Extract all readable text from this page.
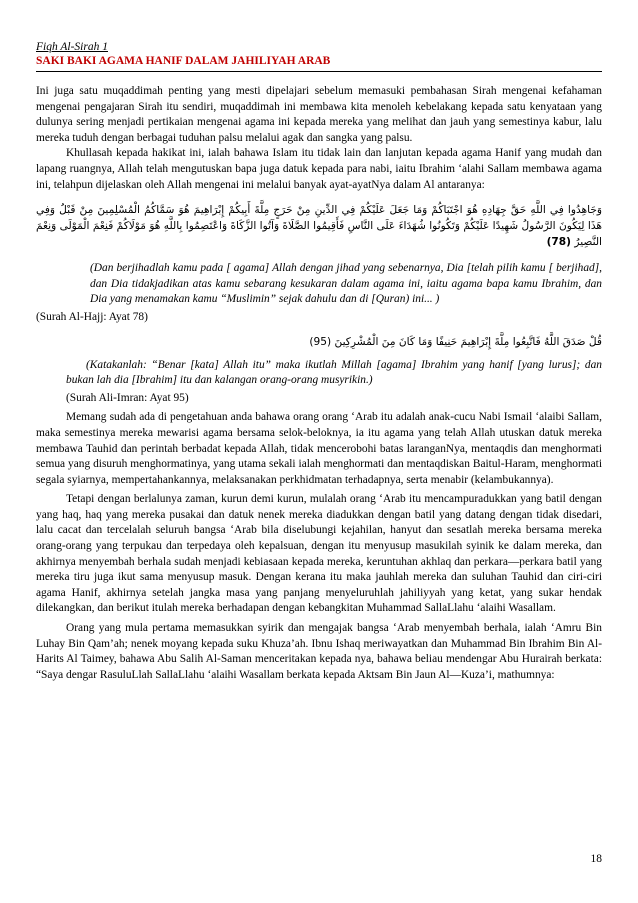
Fiqh Al-Sirah 1
SAKI BAKI AGAMA HANIF DALAM JAHILIYAH ARAB

Ini juga satu muqaddimah penting yang mesti dipelajari sebelum memasuki pembahasan Sirah mengenai kefahaman mengenai pengajaran Sirah itu sendiri, muqaddimah ini membawa kita menoleh kebelakang kepada satu kenyataan yang dulunya sering menjadi pertikaian mengenai agama ini kepada mereka yang melihat dan jauh yang semestinya kabur, lalu mereka tuduh dengan berbagai tuduhan palsu melalui agak dan sangka yang palsu.

Khullasah kepada hakikat ini, ialah bahawa Islam itu tidak lain dan lanjutan kepada agama Hanif yang mudah dan lapang ruangnya, Allah telah mengutuskan bapa juga datuk kepada para nabi, iaitu Ibrahim ‘alahi Sallam membawa agama ini, telahpun dijelaskan oleh Allah mengenai ini melalui banyak ayat-ayatNya dalam Al antaranya:

وَجَاهِدُوا فِي اللَّهِ حَقَّ جِهَادِهِ هُوَ اجْتَبَاكُمْ وَمَا جَعَلَ عَلَيْكُمْ فِي الدِّينِ مِنْ حَرَجٍ مِلَّةَ أَبِيكُمْ إِبْرَاهِيمَ هُوَ سَمَّاكُمُ الْمُسْلِمِينَ مِنْ قَبْلُ وَفِي هَذَا لِيَكُونَ الرَّسُولُ شَهِيدًا عَلَيْكُمْ وَتَكُونُوا شُهَدَاءَ عَلَى النَّاسِ فَأَقِيمُوا الصَّلَاةَ وَآتُوا الزَّكَاةَ وَاعْتَصِمُوا بِاللَّهِ هُوَ مَوْلَاكُمْ فَنِعْمَ الْمَوْلَى وَنِعْمَ النَّصِيرُ (78)

(Dan berjihadlah kamu pada [ agama] Allah dengan jihad yang sebenarnya, Dia [telah pilih kamu [ berjihad], dan Dia tidakjadikan atas kamu sebarang kesukaran dalam agama ini, iaitu agama bapa kamu Ibrahim, dan Dia yang menamakan kamu “Muslimin” sejak dahulu dan di [Quran) ini... )

(Surah Al-Hajj: Ayat 78)

قُلْ صَدَقَ اللَّهُ فَاتَّبِعُوا مِلَّةَ إِبْرَاهِيمَ حَنِيفًا وَمَا كَانَ مِنَ الْمُشْرِكِينَ (95)

(Katakanlah: “Benar [kata] Allah itu” maka ikutlah Millah [agama] Ibrahim yang hanif [yang lurus]; dan bukan lah dia [Ibrahim] itu dan kalangan orang-orang musyrikin.)

(Surah Ali-Imran: Ayat 95)

Memang sudah ada di pengetahuan anda bahawa orang orang ‘Arab itu adalah anak-cucu Nabi Ismail ‘alaibi Sallam, maka semestinya mereka mewarisi agama bersama selok-beloknya, ia itu agama yang telah Allah utuskan datuk mereka membawa Tauhid dan perintah berbadat kepada Allah, tidak mencerobohi batas laranganNya, mentaqdis dan menghormati semua yang disuruh menghormatinya, yang utama sekali ialah menghormati dan mentaqdiskan Baitul-Haram, menghormati segala syiarnya, mempertahankannya, melaksanakan perkhidmatan terhadapnya, serta menabir (kelambukannya).

Tetapi dengan berlalunya zaman, kurun demi kurun, mulalah orang ‘Arab itu mencampuradukkan yang batil dengan yang haq, haq yang mereka pusakai dan datuk nenek mereka diadukkan dengan batil yang datang dengan tidak disedari, lalu cacat dan tercelalah seluruh bangsa ‘Arab bila diselubungi kejahilan, hanyut dan sesatlah mereka bersama mereka orang-orang yang terpukau dan terpedaya oleh kepalsuan, dengan itu menyusup masukilah syinik ke dalam mereka, dan akhirnya menyembah berhala sudah menjadi kebiasaan kepada mereka, keruntuhan akhlaq dan perkara—perkara batil yang mereka tiru juga ikut sama menyusup masuk. Dengan kerana itu maka jauhlah mereka dan suluhan Tauhid dan ciri-ciri agama Hanif, akhirnya setelah jangka masa yang panjang menyeluruhlah jahiliyyah yang ketat, yang sukar hendak dilekangkan, dan berikut itulah mereka berhadapan dengan kebangkitan Muhammad SallaLlahu ‘alaihi Wasallam.

Orang yang mula pertama memasukkan syirik dan mengajak bangsa ‘Arab menyembah berhala, ialah ‘Amru Bin Luhay Bin Qam’ah; nenek moyang kepada suku Khuza’ah. Ibnu Ishaq meriwayatkan dan Muhammad Bin Ibrahim Bin Al-Harits Al Taimey, bahawa Abu Salih Al-Saman menceritakan kepada nya, bahawa beliau mendengar Abu Hurairah berkata: “Saya dengar RasuluLlah SallaLlahu ‘alaihi Wasallam berkata kepada Aktsam Bin Jaun Al—Kuza’i, mathumnya:

18
